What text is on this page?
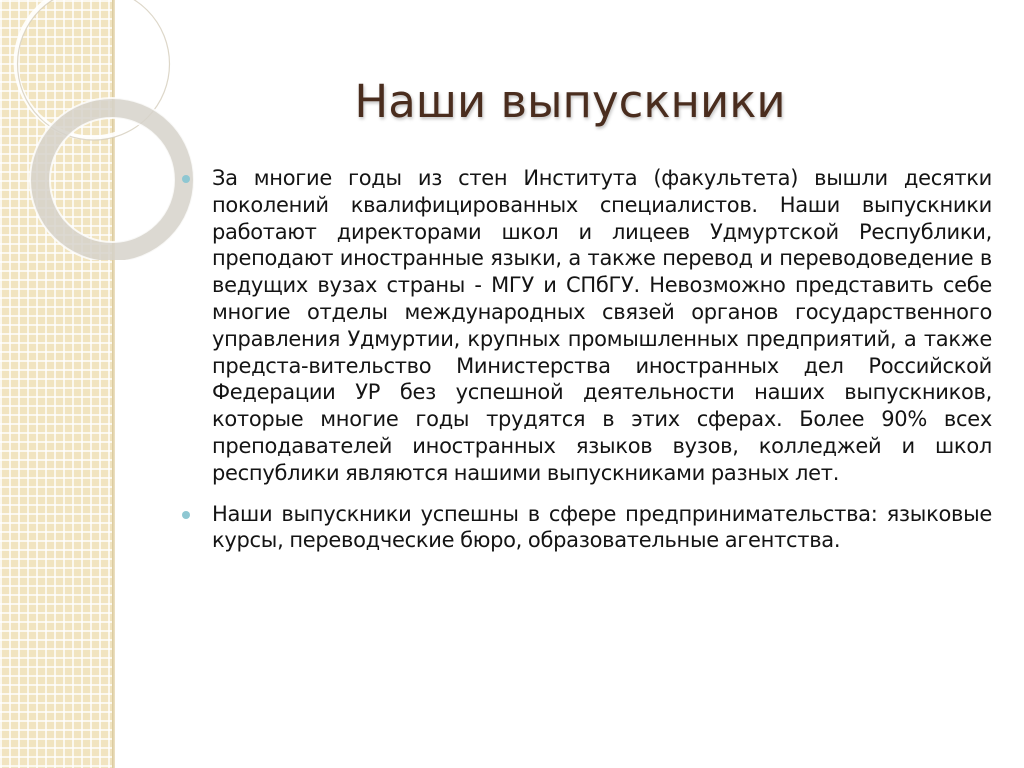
Наши выпускники
За многие годы из стен Института (факультета) вышли десятки поколений квалифицированных специалистов. Наши выпускники работают директорами школ и лицеев Удмуртской Республики, преподают иностранные языки, а также перевод и переводоведение в ведущих вузах страны - МГУ и СПбГУ. Невозможно представить себе многие отделы международных связей органов государственного управления Удмуртии, крупных промышленных предприятий, а также предста-вительство Министерства иностранных дел Российской Федерации УР без успешной деятельности наших выпускников, которые многие годы трудятся в этих сферах. Более 90% всех преподавателей иностранных языков вузов, колледжей и школ республики являются нашими выпускниками разных лет.
Наши выпускники успешны в сфере предпринимательства: языковые курсы, переводческие бюро, образовательные агентства.
